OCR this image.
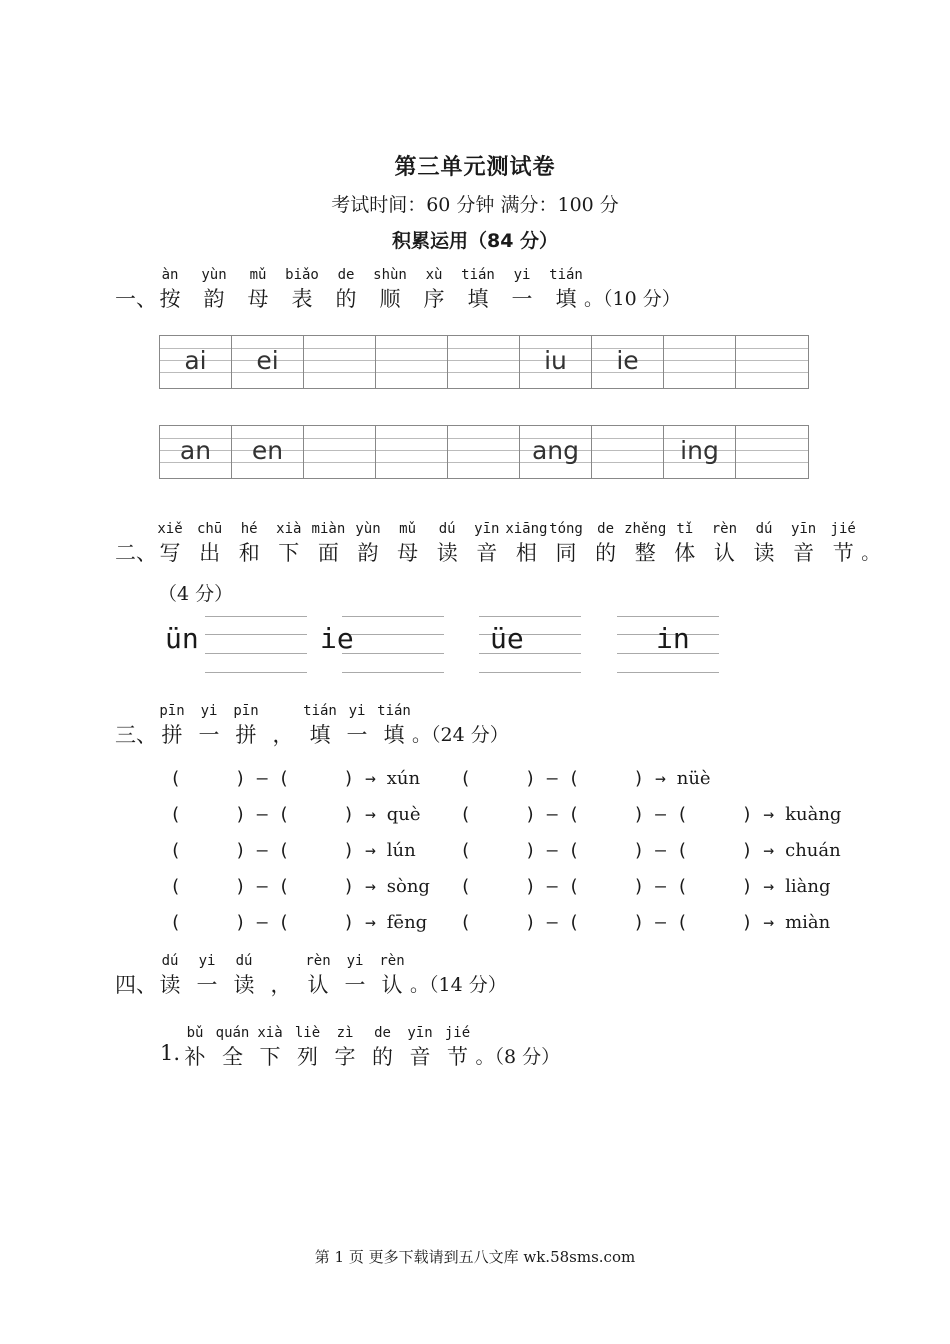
第三单元测试卷
考试时间：60 分钟 满分：100 分
积累运用（84 分）
一、
àn
按
yùn
韵
mǔ
母
biǎo
表
de
的
shùn
顺
xù
序
tián
填
yi
一
tián
填 。（10 分）
ai	ei	iu	ie
an	en	ang	ing
二、
（4 分）
xiě
写
chū
出
hé
和
xià
下
miàn
面
yùn
韵
mǔ
母
dú
读
yīn
音
xiāng
相
tóng
同
de
的
zhěng
整
tǐ
体
rèn
认
dú
读
yīn
音
jié
节 。
ün	ie	üe	in
三、
pīn
拼
yi
一
pīn
拼 ，
tián
填
yi
一
tián
填 。（24 分）
(     ) — (     ) → xún (     ) — (     ) → nüè
(     ) — (     ) → què (     ) — (     ) — (     ) → kuàng
(     ) — (     ) → lún (     ) — (     ) — (     ) → chuán
(     ) — (     ) → sòng (     ) — (     ) — (     ) → liàng
(     ) — (     ) → fēng (     ) — (     ) — (     ) → miàn
四、
1.
dú
读
yi
一
dú
读 ，
rèn
认
yi
一
rèn
认 。（14 分）
bǔ
补
quán
全
xià
下
liè
列
zì
字
de
的
yīn
音
jié
节 。（8 分）
第 1 页 更多下载请到五八文库 wk.58sms.com
